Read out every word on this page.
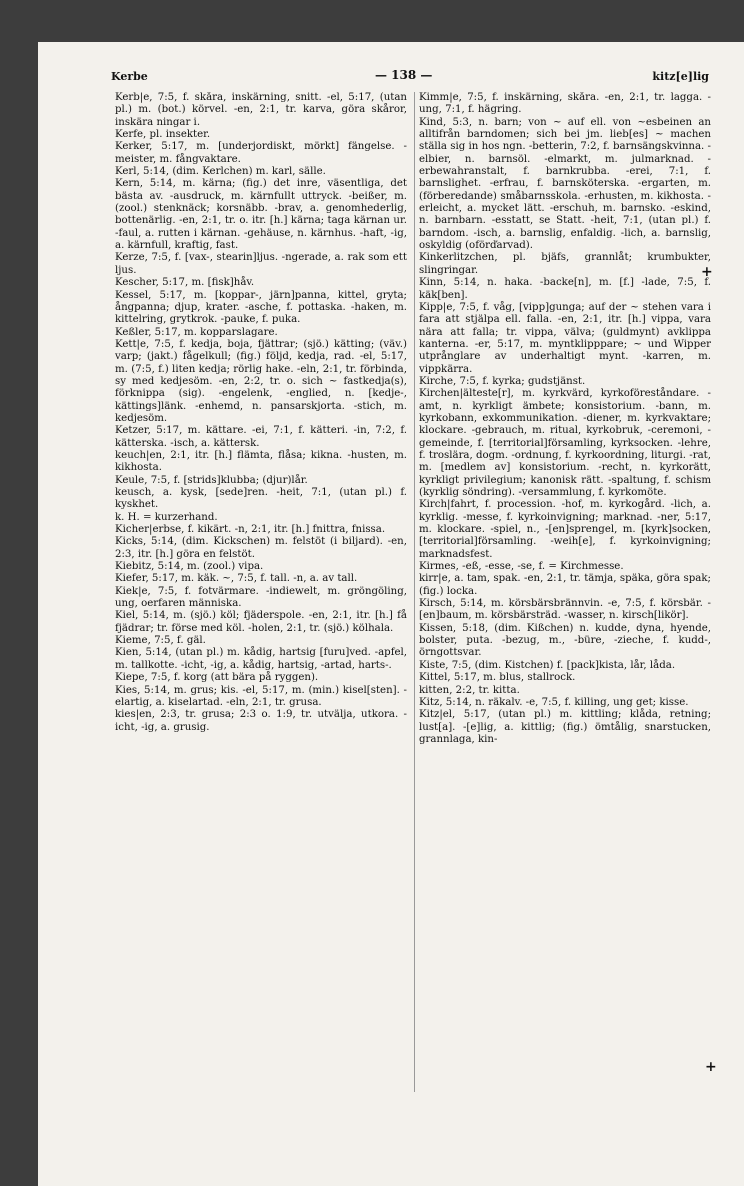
Kerbe	— 138 —	kitz[e]lig

Kerb|e, 7:5, f. skåra, inskärning, snitt. -el, 5:17, (utan pl.) m. (bot.) körvel. -en, 2:1, tr. karva, göra skåror, inskära ningar i.

Kerfe, pl. insekter.

Kerker, 5:17, m. [underjordiskt, mörkt] fängelse. -meister, m. fångvaktare.

Kerl, 5:14, (dim. Kerlchen) m. karl, sälle.

Kern, 5:14, m. kärna; (fig.) det inre, väsentliga, det bästa av. -ausdruck, m. kärnfullt uttryck. -beißer, m. (zool.) stenknäck; korsnäbb. -brav, a. genomhederlig, bottenärlig. -en, 2:1, tr. o. itr. [h.] kärna; taga kärnan ur. -faul, a. rutten i kärnan. -gehäuse, n. kärnhus. -haft, -ig, a. kärnfull, kraftig, fast.

Kerze, 7:5, f. [vax-, stearin]ljus. -ngerade, a. rak som ett ljus.

Kescher, 5:17, m. [fisk]håv.

Kessel, 5:17, m. [koppar-, järn]panna, kittel, gryta; ångpanna; djup, krater. -asche, f. pottaska. -haken, m. kittelring, grytkrok. -pauke, f. puka.

Keßler, 5:17, m. kopparslagare.

Kett|e, 7:5, f. kedja, boja, fjättrar; (sjö.) kätting; (väv.) varp; (jakt.) fågelkull; (fig.) följd, kedja, rad. -el, 5:17, m. (7:5, f.) liten kedja; rörlig hake. -eln, 2:1, tr. förbinda, sy med kedjesöm. -en, 2:2, tr. o. sich ~ fastkedja(s), förknippa (sig). -engelenk, -englied, n. [kedje-, kättings]länk. -enhemd, n. pansarskjorta. -stich, m. kedjesöm.

Ketzer, 5:17, m. kättare. -ei, 7:1, f. kätteri. -in, 7:2, f. kätterska. -isch, a. kättersk.

keuch|en, 2:1, itr. [h.] flämta, flåsa; kikna. -husten, m. kikhosta.

Keule, 7:5, f. [strids]klubba; (djur)lår.

keusch, a. kysk, [sede]ren. -heit, 7:1, (utan pl.) f. kyskhet.

k. H. = kurzerhand.

Kicher|erbse, f. kikärt. -n, 2:1, itr. [h.] fnittra, fnissa.

Kicks, 5:14, (dim. Kickschen) m. felstöt (i biljard). -en, 2:3, itr. [h.] göra en felstöt.

Kiebitz, 5:14, m. (zool.) vipa.

Kiefer, 5:17, m. käk. ~, 7:5, f. tall. -n, a. av tall.

Kiek|e, 7:5, f. fotvärmare. -indiewelt, m. gröngöling, ung, oerfaren människa.

Kiel, 5:14, m. (sjö.) köl; fjäderspole. -en, 2:1, itr. [h.] få fjädrar; tr. förse med köl. -holen, 2:1, tr. (sjö.) kölhala.

Kieme, 7:5, f. gäl.

Kien, 5:14, (utan pl.) m. kådig, hartsig [furu]ved. -apfel, m. tallkotte. -icht, -ig, a. kådig, hartsig, -artad, harts-.

Kiepe, 7:5, f. korg (att bära på ryggen).

Kies, 5:14, m. grus; kis. -el, 5:17, m. (min.) kisel[sten]. -elartig, a. kiselartad. -eln, 2:1, tr. grusa.

kies|en, 2:3, tr. grusa; 2:3 o. 1:9, tr. utvälja, utkora. -icht, -ig, a. grusig.

Kimm|e, 7:5, f. inskärning, skåra. -en, 2:1, tr. lagga. -ung, 7:1, f. hägring.

Kind, 5:3, n. barn; von ~ auf ell. von ~esbeinen an alltifrån barndomen; sich bei jm. lieb[es] ~ machen ställa sig in hos ngn. -betterin, 7:2, f. barnsängskvinna. -elbier, n. barnsöl. -elmarkt, m. julmarknad. -erbewahranstalt, f. barnkrubba. -erei, 7:1, f. barnslighet. -erfrau, f. barnsköterska. -ergarten, m. (förberedande) småbarnsskola. -erhusten, m. kikhosta. -erleicht, a. mycket lätt. -erschuh, m. barnsko. -eskind, n. barnbarn. -esstatt, se Statt. -heit, 7:1, (utan pl.) f. barndom. -isch, a. barnslig, enfaldig. -lich, a. barnslig, oskyldig (oförďarvad).

Kinkerlitzchen, pl. bjäfs, grannlåt; krumbukter, slingringar.

Kinn, 5:14, n. haka. -backe[n], m. [f.] -lade, 7:5, f. käk[ben].

Kipp|e, 7:5, f. våg, [vipp]gunga; auf der ~ stehen vara i fara att stjälpa ell. falla. -en, 2:1, itr. [h.] vippa, vara nära att falla; tr. vippa, välva; (guldmynt) avklippa kanterna. -er, 5:17, m. myntklipppare; ~ und Wipper utprånglare av underhaltigt mynt. -karren, m. vippkärra.

Kirche, 7:5, f. kyrka; gudstjänst.

Kirchen|älteste[r], m. kyrkvärd, kyrkoföreståndare. -amt, n. kyrkligt ämbete; konsistorium. -bann, m. kyrkobann, exkommunikation. -diener, m. kyrkvaktare; klockare. -gebrauch, m. ritual, kyrkobruk, -ceremoni, -gemeinde, f. [territorial]församling, kyrksocken. -lehre, f. troslära, dogm. -ordnung, f. kyrkoordning, liturgi. -rat, m. [medlem av] konsistorium. -recht, n. kyrkorätt, kyrkligt privilegium; kanonisk rätt. -spaltung, f. schism (kyrklig söndring). -versammlung, f. kyrkomöte.

Kirch|fahrt, f. procession. -hof, m. kyrkogård. -lich, a. kyrklig. -messe, f. kyrkoinvigning; marknad. -ner, 5:17, m. klockare. -spiel, n., -[en]sprengel, m. [kyrk]socken, [territorial]församling. -weih[e], f. kyrkoinvigning; marknadsfest.

Kirmes, -eß, -esse, -se, f. = Kirchmesse.

kirr|e, a. tam, spak. -en, 2:1, tr. tämja, späka, göra spak; (fig.) locka.

Kirsch, 5:14, m. körsbärsbrännvin. -e, 7:5, f. körsbär. -[en]baum, m. körsbärsträd. -wasser, n. kirsch[likör].

Kissen, 5:18, (dim. Kißchen) n. kudde, dyna, hyende, bolster, puta. -bezug, m., -büre, -zieche, f. kudd-, örngottsvar.

Kiste, 7:5, (dim. Kistchen) f. [pack]kista, lår, låda.

Kittel, 5:17, m. blus, stallrock.

kitten, 2:2, tr. kitta.

Kitz, 5:14, n. räkalv. -e, 7:5, f. killing, ung get; kisse.

Kitz|el, 5:17, (utan pl.) m. kittling; klåda, retning; lust[a]. -[e]lig, a. kittlig; (fig.) ömtålig, snarstucken, grannlaga, kin-

+
+
